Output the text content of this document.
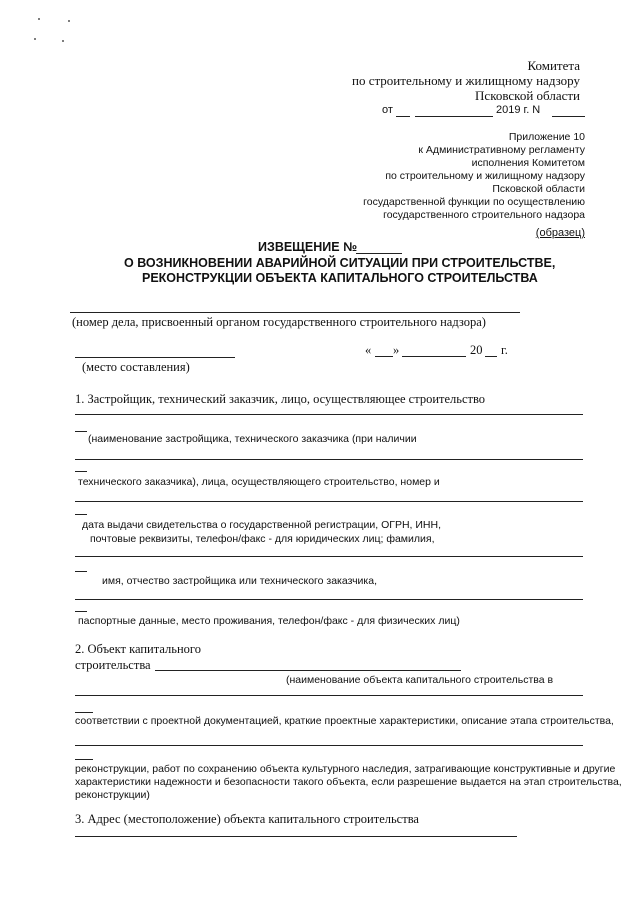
Комитета
по строительному и жилищному надзору
Псковской области
от	2019 г. N
Приложение 10
к Административному регламенту
исполнения Комитетом
по строительному и жилищному надзору
Псковской области
государственной функции по осуществлению
государственного строительного надзора
(образец)
ИЗВЕЩЕНИЕ №
О ВОЗНИКНОВЕНИИ АВАРИЙНОЙ СИТУАЦИИ ПРИ СТРОИТЕЛЬСТВЕ,
РЕКОНСТРУКЦИИ ОБЪЕКТА КАПИТАЛЬНОГО СТРОИТЕЛЬСТВА
(номер дела, присвоенный органом государственного строительного надзора)
(место составления)
« »	20 г.
1. Застройщик, технический заказчик, лицо, осуществляющее строительство
(наименование застройщика, технического заказчика (при наличии
технического заказчика), лица, осуществляющего строительство, номер и
дата выдачи свидетельства о государственной регистрации, ОГРН, ИНН,
почтовые реквизиты, телефон/факс - для юридических лиц; фамилия,
имя, отчество застройщика или технического заказчика,
паспортные данные, место проживания, телефон/факс - для физических лиц)
2. Объект капитального
строительства
(наименование объекта капитального строительства в
соответствии с проектной документацией, краткие проектные характеристики, описание этапа строительства,
реконструкции, работ по сохранению объекта культурного наследия, затрагивающие конструктивные и другие
характеристики надежности и безопасности такого объекта, если разрешение выдается на этап строительства,
реконструкции)
3. Адрес (местоположение) объекта капитального строительства
